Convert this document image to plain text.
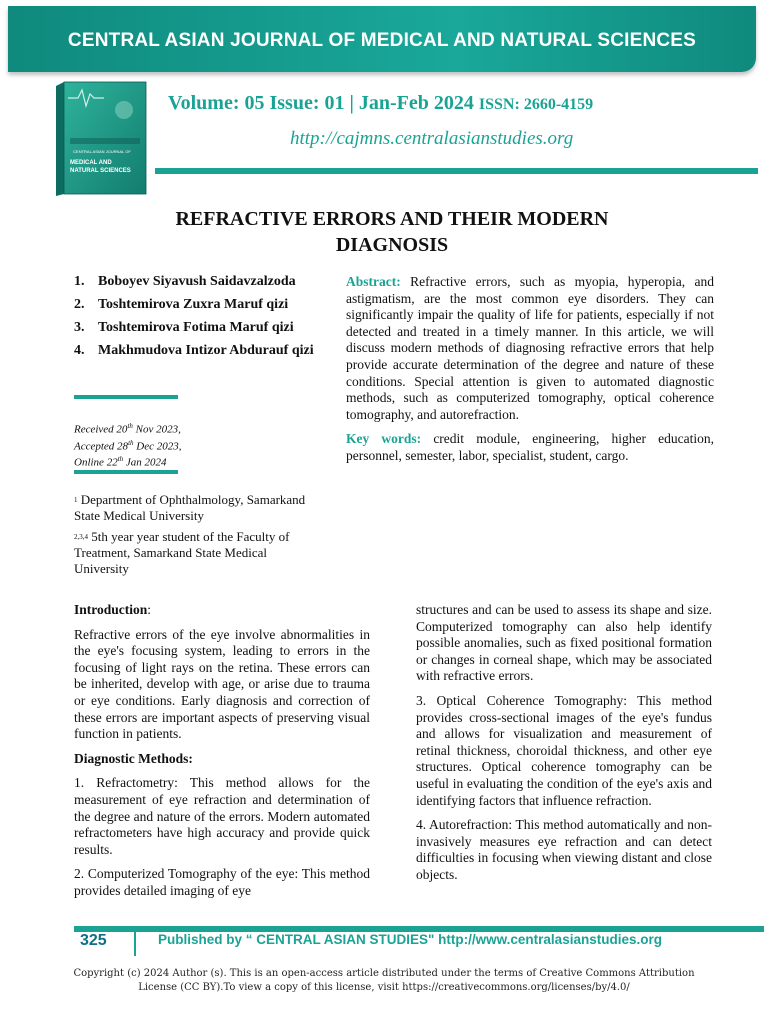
CENTRAL ASIAN JOURNAL OF MEDICAL AND NATURAL SCIENCES
CENTRAL ASIAN JOURNAL OF
MEDICAL AND
NATURAL SCIENCES
Volume: 05 Issue: 01 | Jan-Feb 2024 ISSN: 2660-4159
http://cajmns.centralasianstudies.org
REFRACTIVE ERRORS AND THEIR MODERN
DIAGNOSIS
1. Boboyev Siyavush Saidavzalzoda
2. Toshtemirova Zuxra Maruf qizi
3. Toshtemirova Fotima Maruf qizi
4. Makhmudova Intizor Abdurauf qizi
Received 20th Nov 2023,
Accepted 28th Dec 2023,
Online 22th Jan 2024
$^1$ Department of Ophthalmology, Samarkand State Medical University
$^{2,3,4}$ 5th year year student of the Faculty of Treatment, Samarkand State Medical University
Abstract: Refractive errors, such as myopia, hyperopia, and astigmatism, are the most common eye disorders. They can significantly impair the quality of life for patients, especially if not detected and treated in a timely manner. In this article, we will discuss modern methods of diagnosing refractive errors that help provide accurate determination of the degree and nature of these conditions. Special attention is given to automated diagnostic methods, such as computerized tomography, optical coherence tomography, and autorefraction.
Key words: credit module, engineering, higher education, personnel, semester, labor, specialist, student, cargo.
Introduction:

Refractive errors of the eye involve abnormalities in the eye's focusing system, leading to errors in the focusing of light rays on the retina. These errors can be inherited, develop with age, or arise due to trauma or eye conditions. Early diagnosis and correction of these errors are important aspects of preserving visual function in patients.

Diagnostic Methods:

1. Refractometry: This method allows for the measurement of eye refraction and determination of the degree and nature of the errors. Modern automated refractometers have high accuracy and provide quick results.

2. Computerized Tomography of the eye: This method provides detailed imaging of eye

structures and can be used to assess its shape and size. Computerized tomography can also help identify possible anomalies, such as fixed positional formation or changes in corneal shape, which may be associated with refractive errors.

3. Optical Coherence Tomography: This method provides cross-sectional images of the eye's fundus and allows for visualization and measurement of retinal thickness, choroidal thickness, and other eye structures. Optical coherence tomography can be useful in evaluating the condition of the eye's axis and identifying factors that influence refraction.

4. Autorefraction: This method automatically and non-invasively measures eye refraction and can detect difficulties in focusing when viewing distant and close objects.

325	Published by “ CENTRAL ASIAN STUDIES" http://www.centralasianstudies.org
Copyright (c) 2024 Author (s). This is an open-access article distributed under the terms of Creative Commons Attribution License (CC BY).To view a copy of this license, visit https://creativecommons.org/licenses/by/4.0/
